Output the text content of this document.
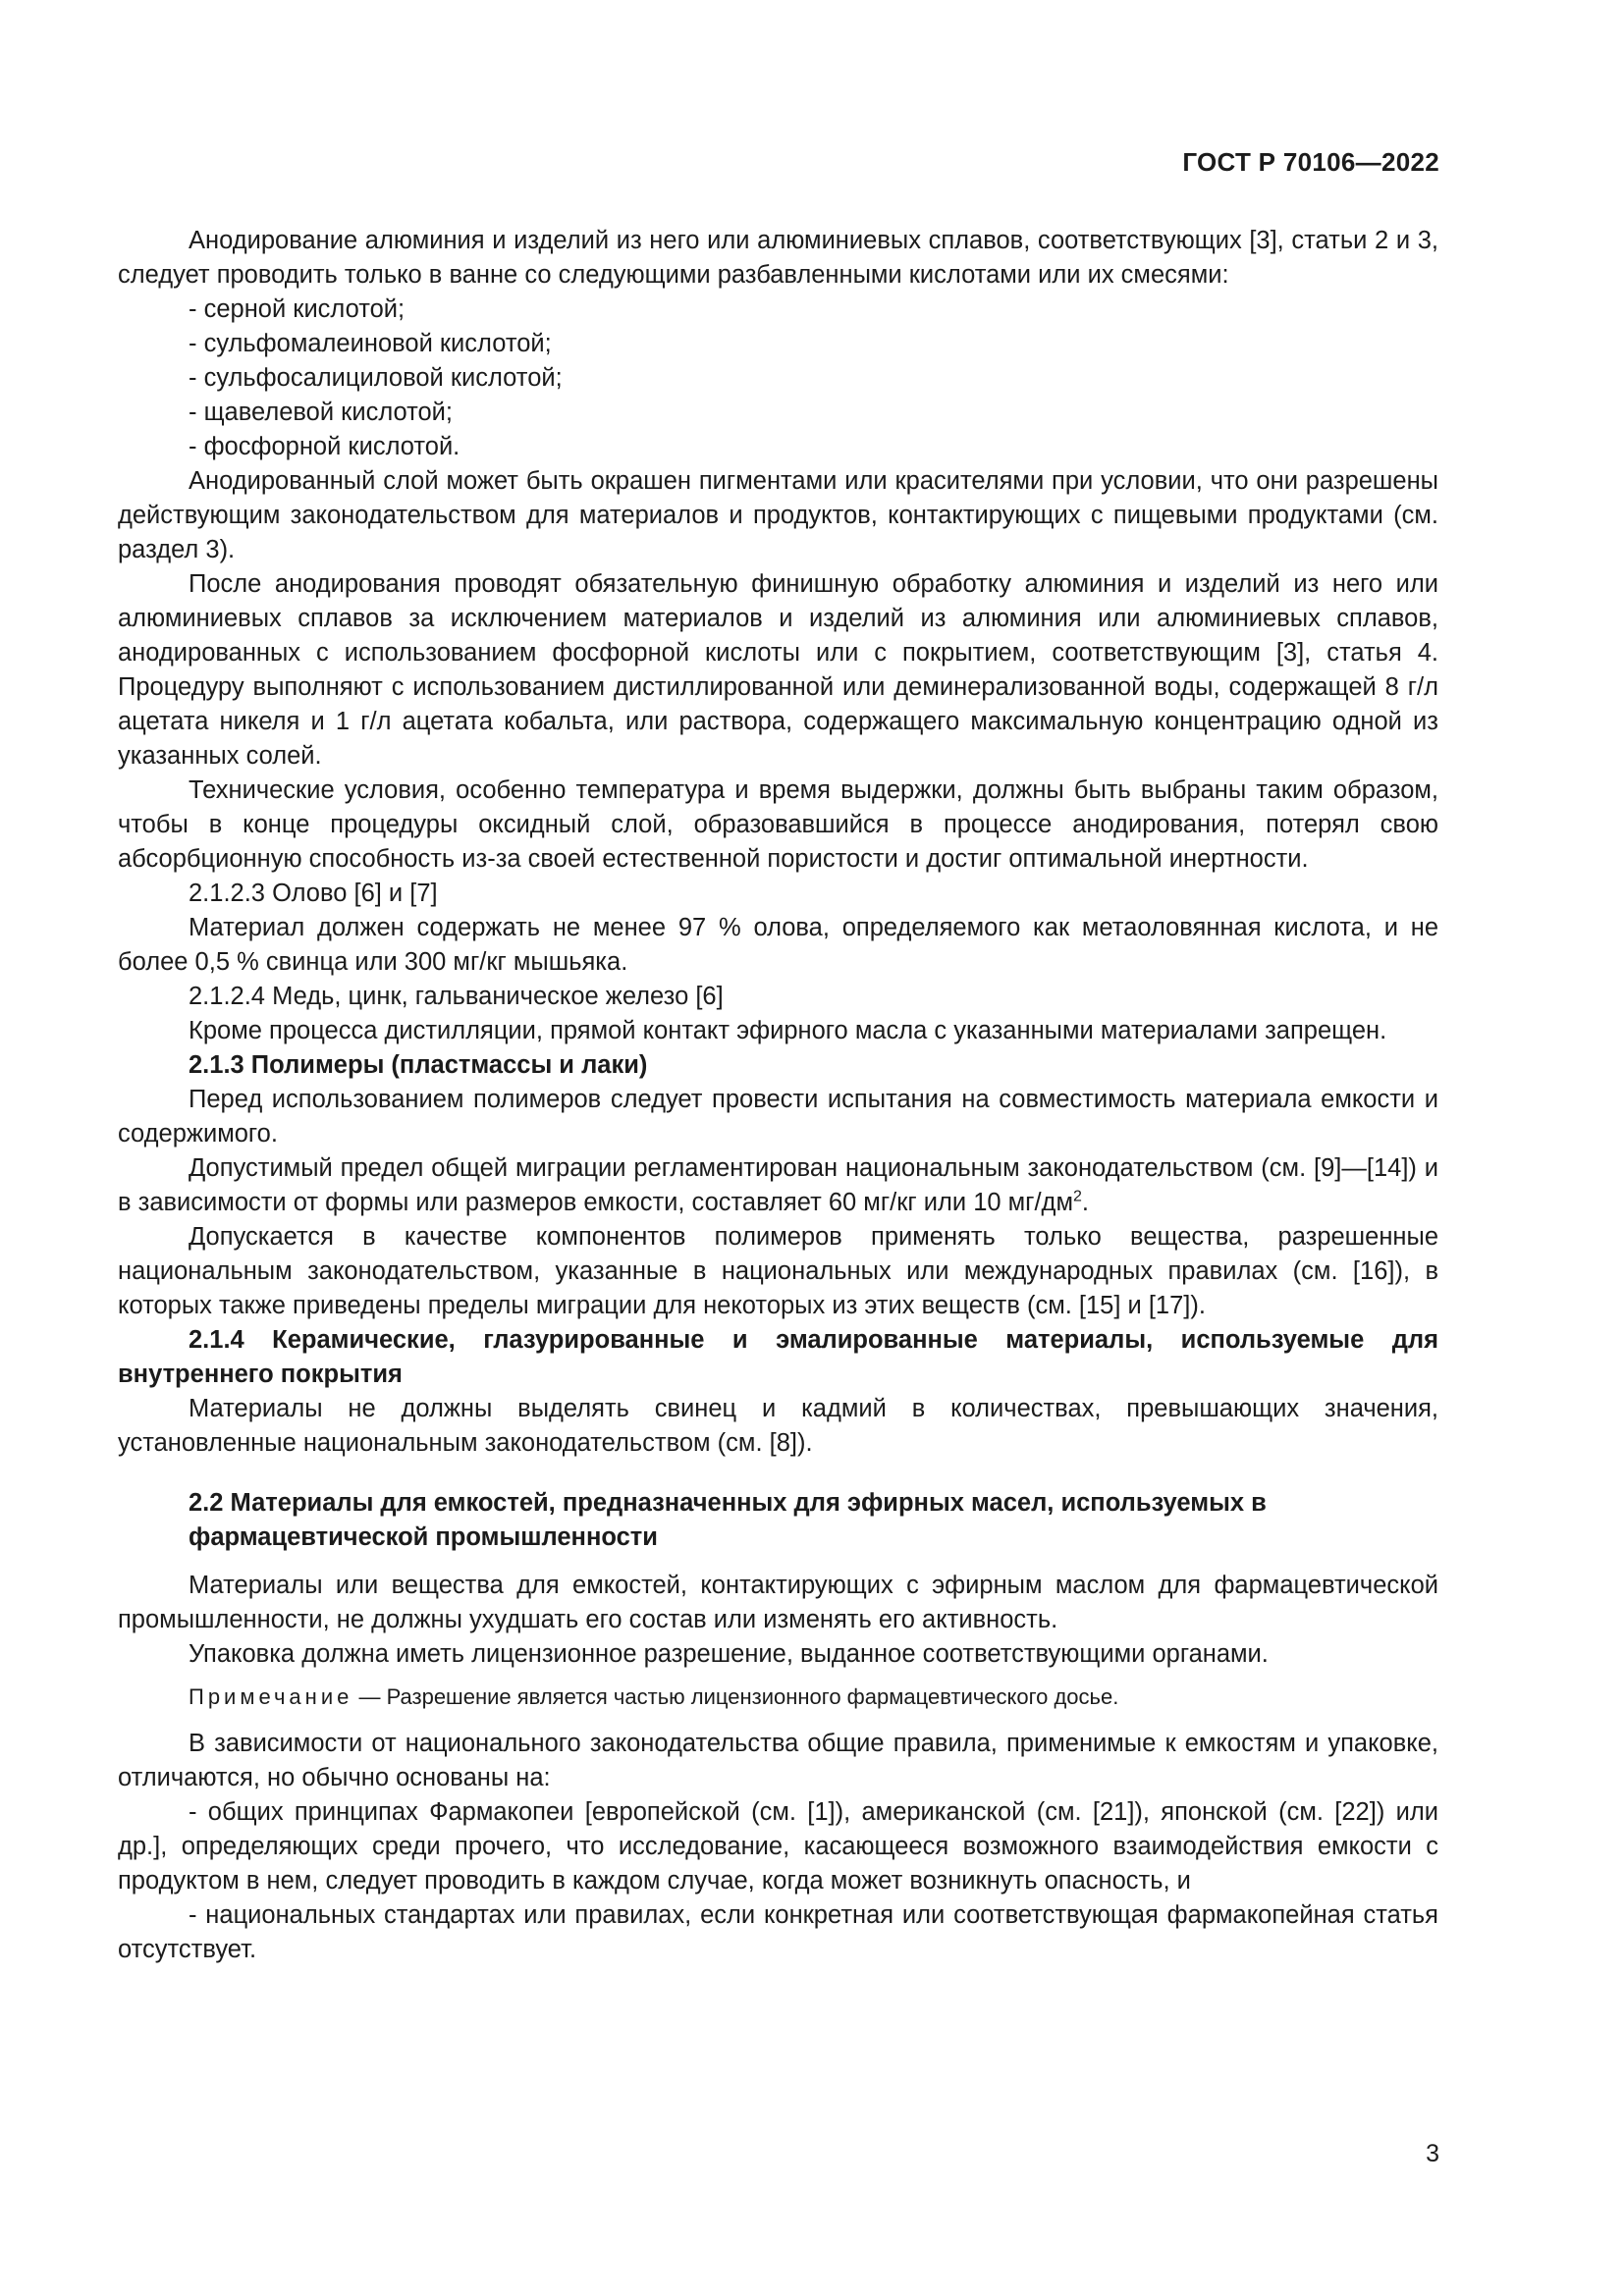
ГОСТ Р 70106—2022

Анодирование алюминия и изделий из него или алюминиевых сплавов, соответствующих [3], статьи 2 и 3, следует проводить только в ванне со следующими разбавленными кислотами или их смесями:

- серной кислотой;

- сульфомалеиновой кислотой;

- сульфосалициловой кислотой;

- щавелевой кислотой;

- фосфорной кислотой.

Анодированный слой может быть окрашен пигментами или красителями при условии, что они разрешены действующим законодательством для материалов и продуктов, контактирующих с пищевыми продуктами (см. раздел 3).

После анодирования проводят обязательную финишную обработку алюминия и изделий из него или алюминиевых сплавов за исключением материалов и изделий из алюминия или алюминиевых сплавов, анодированных с использованием фосфорной кислоты или с покрытием, соответствующим [3], статья 4. Процедуру выполняют с использованием дистиллированной или деминерализованной воды, содержащей 8 г/л ацетата никеля и 1 г/л ацетата кобальта, или раствора, содержащего максимальную концентрацию одной из указанных солей.

Технические условия, особенно температура и время выдержки, должны быть выбраны таким образом, чтобы в конце процедуры оксидный слой, образовавшийся в процессе анодирования, потерял свою абсорбционную способность из-за своей естественной пористости и достиг оптимальной инертности.

2.1.2.3 Олово [6] и [7]

Материал должен содержать не менее 97 % олова, определяемого как метаоловянная кислота, и не более 0,5 % свинца или 300 мг/кг мышьяка.

2.1.2.4 Медь, цинк, гальваническое железо [6]

Кроме процесса дистилляции, прямой контакт эфирного масла с указанными материалами запрещен.

2.1.3 Полимеры (пластмассы и лаки)

Перед использованием полимеров следует провести испытания на совместимость материала емкости и содержимого.

Допустимый предел общей миграции регламентирован национальным законодательством (см. [9]—[14]) и в зависимости от формы или размеров емкости, составляет 60 мг/кг или 10 $мг/дм^2$.

Допускается в качестве компонентов полимеров применять только вещества, разрешенные национальным законодательством, указанные в национальных или международных правилах (см. [16]), в которых также приведены пределы миграции для некоторых из этих веществ (см. [15] и [17]).

2.1.4 Керамические, глазурированные и эмалированные материалы, используемые для внутреннего покрытия

Материалы не должны выделять свинец и кадмий в количествах, превышающих значения, установленные национальным законодательством (см. [8]).

2.2 Материалы для емкостей, предназначенных для эфирных масел, используемых в фармацевтической промышленности

Материалы или вещества для емкостей, контактирующих с эфирным маслом для фармацевтической промышленности, не должны ухудшать его состав или изменять его активность.

Упаковка должна иметь лицензионное разрешение, выданное соответствующими органами.

Примечание — Разрешение является частью лицензионного фармацевтического досье.

В зависимости от национального законодательства общие правила, применимые к емкостям и упаковке, отличаются, но обычно основаны на:

- общих принципах Фармакопеи [европейской (см. [1]), американской (см. [21]), японской (см. [22]) или др.], определяющих среди прочего, что исследование, касающееся возможного взаимодействия емкости с продуктом в нем, следует проводить в каждом случае, когда может возникнуть опасность, и

- национальных стандартах или правилах, если конкретная или соответствующая фармакопейная статья отсутствует.

3
